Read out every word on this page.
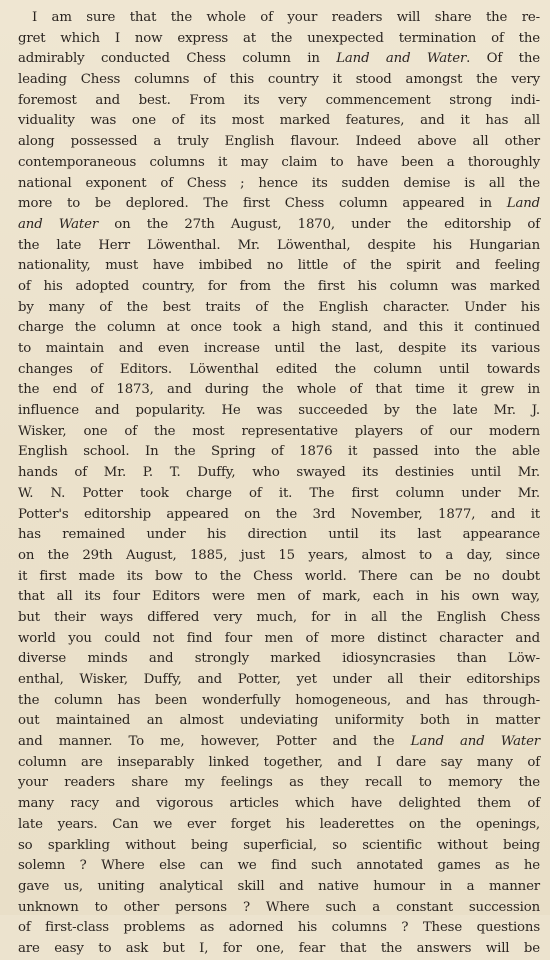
I am sure that the whole of your readers will share the re-
gret which I now express at the unexpected termination of the
admirably conducted Chess column in Land and Water. Of the
leading Chess columns of this country it stood amongst the very
foremost and best. From its very commencement strong indi-
viduality was one of its most marked features, and it has all
along possessed a truly English flavour. Indeed above all other
contemporaneous columns it may claim to have been a thoroughly
national exponent of Chess ; hence its sudden demise is all the
more to be deplored. The first Chess column appeared in Land
and Water on the 27th August, 1870, under the editorship of
the late Herr Löwenthal. Mr. Löwenthal, despite his Hungarian
nationality, must have imbibed no little of the spirit and feeling
of his adopted country, for from the first his column was marked
by many of the best traits of the English character. Under his
charge the column at once took a high stand, and this it continued
to maintain and even increase until the last, despite its various
changes of Editors. Löwenthal edited the column until towards
the end of 1873, and during the whole of that time it grew in
influence and popularity. He was succeeded by the late Mr. J.
Wisker, one of the most representative players of our modern
English school. In the Spring of 1876 it passed into the able
hands of Mr. P. T. Duffy, who swayed its destinies until Mr.
W. N. Potter took charge of it. The first column under Mr.
Potter's editorship appeared on the 3rd November, 1877, and it
has remained under his direction until its last appearance
on the 29th August, 1885, just 15 years, almost to a day, since
it first made its bow to the Chess world. There can be no doubt
that all its four Editors were men of mark, each in his own way,
but their ways differed very much, for in all the English Chess
world you could not find four men of more distinct character and
diverse minds and strongly marked idiosyncrasies than Löw-
enthal, Wisker, Duffy, and Potter, yet under all their editorships
the column has been wonderfully homogeneous, and has through-
out maintained an almost undeviating uniformity both in matter
and manner. To me, however, Potter and the Land and Water
column are inseparably linked together, and I dare say many of
your readers share my feelings as they recall to memory the
many racy and vigorous articles which have delighted them of
late years. Can we ever forget his leaderettes on the openings,
so sparkling without being superficial, so scientific without being
solemn ? Where else can we find such annotated games as he
gave us, uniting analytical skill and native humour in a manner
unknown to other persons ? Where such a constant succession
of first-class problems as adorned his columns ? These questions
are easy to ask but I, for one, fear that the answers will be
